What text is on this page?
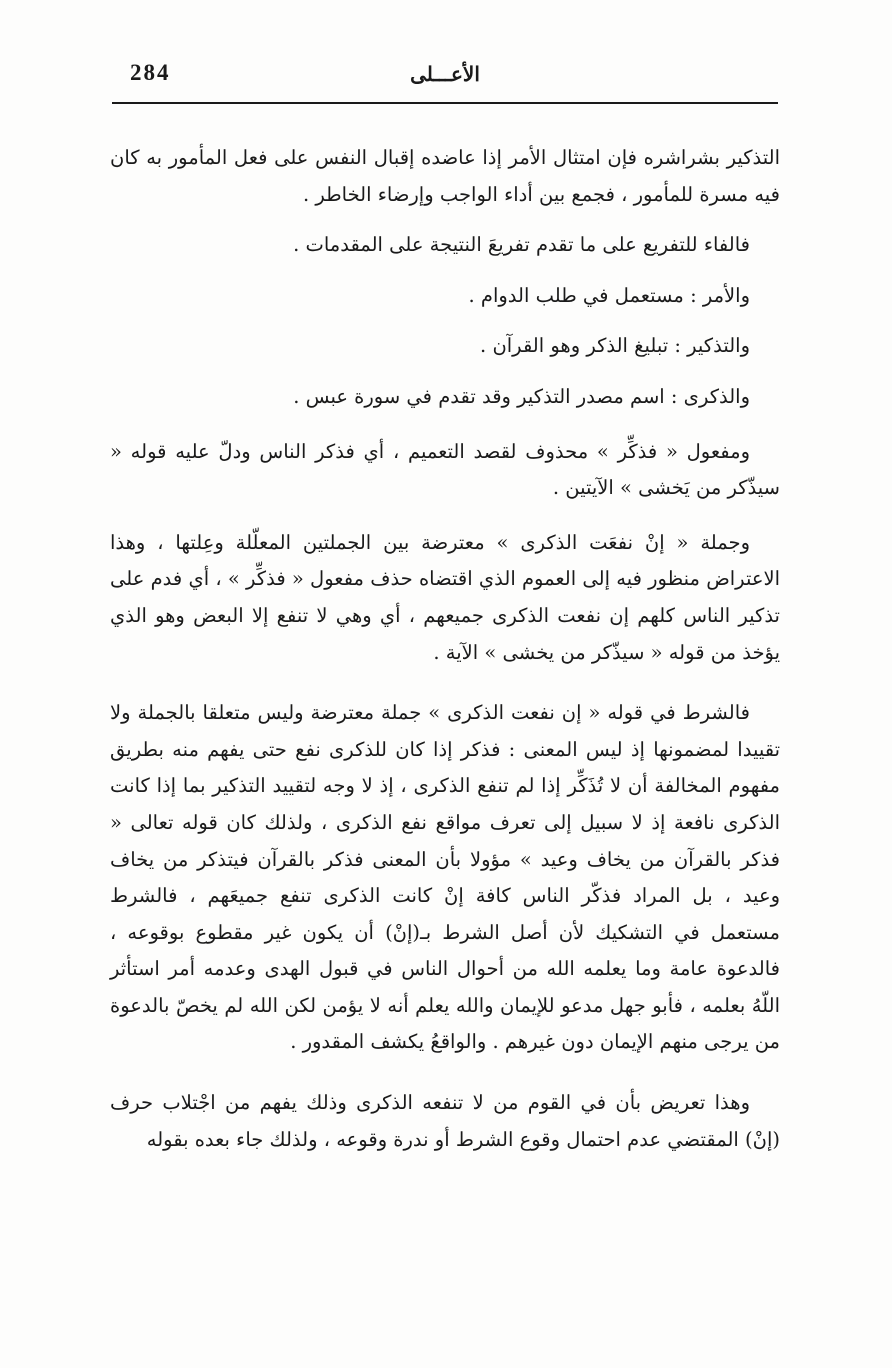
284	الأعـــلى

التذكير بشراشره فإن امتثال الأمر إذا عاضده إقبال النفس على فعل المأمور به كان فيه مسرة للمأمور ، فجمع بين أداء الواجب وإرضاء الخاطر .

فالفاء للتفريع على ما تقدم تفريعَ النتيجة على المقدمات .

والأمر : مستعمل في طلب الدوام .

والتذكير : تبليغ الذكر وهو القرآن .

والذكرى : اسم مصدر التذكير وقد تقدم في سورة عبس .

ومفعول « فذكِّر » محذوف لقصد التعميم ، أي فذكر الناس ودلّ عليه قوله « سيذّكر من يَخشى » الآيتين .

وجملة « إنْ نفعَت الذكرى » معترضة بين الجملتين المعلّلة وعِلتها ، وهذا الاعتراض منظور فيه إلى العموم الذي اقتضاه حذف مفعول « فذكِّر » ، أي فدم على تذكير الناس كلهم إن نفعت الذكرى جميعهم ، أي وهي لا تنفع إلا البعض وهو الذي يؤخذ من قوله « سيذّكر من يخشى » الآية .

فالشرط في قوله « إن نفعت الذكرى » جملة معترضة وليس متعلقا بالجملة ولا تقييدا لمضمونها إذ ليس المعنى : فذكر إذا كان للذكرى نفع حتى يفهم منه بطريق مفهوم المخالفة أن لا تُذَكِّر إذا لم تنفع الذكرى ، إذ لا وجه لتقييد التذكير بما إذا كانت الذكرى نافعة إذ لا سبيل إلى تعرف مواقع نفع الذكرى ، ولذلك كان قوله تعالى « فذكر بالقرآن من يخاف وعيد » مؤولا بأن المعنى فذكر بالقرآن فيتذكر من يخاف وعيد ، بل المراد فذكّر الناس كافة إنْ كانت الذكرى تنفع جميعَهم ، فالشرط مستعمل في التشكيك لأن أصل الشرط بـ(إنْ) أن يكون غير مقطوع بوقوعه ، فالدعوة عامة وما يعلمه الله من أحوال الناس في قبول الهدى وعدمه أمر استأثر اللّهُ بعلمه ، فأبو جهل مدعو للإيمان والله يعلم أنه لا يؤمن لكن الله لم يخصّ بالدعوة من يرجى منهم الإيمان دون غيرهم . والواقعُ يكشف المقدور .

وهذا تعريض بأن في القوم من لا تنفعه الذكرى وذلك يفهم من اجْتلاب حرف (إنْ) المقتضي عدم احتمال وقوع الشرط أو ندرة وقوعه ، ولذلك جاء بعده بقوله
